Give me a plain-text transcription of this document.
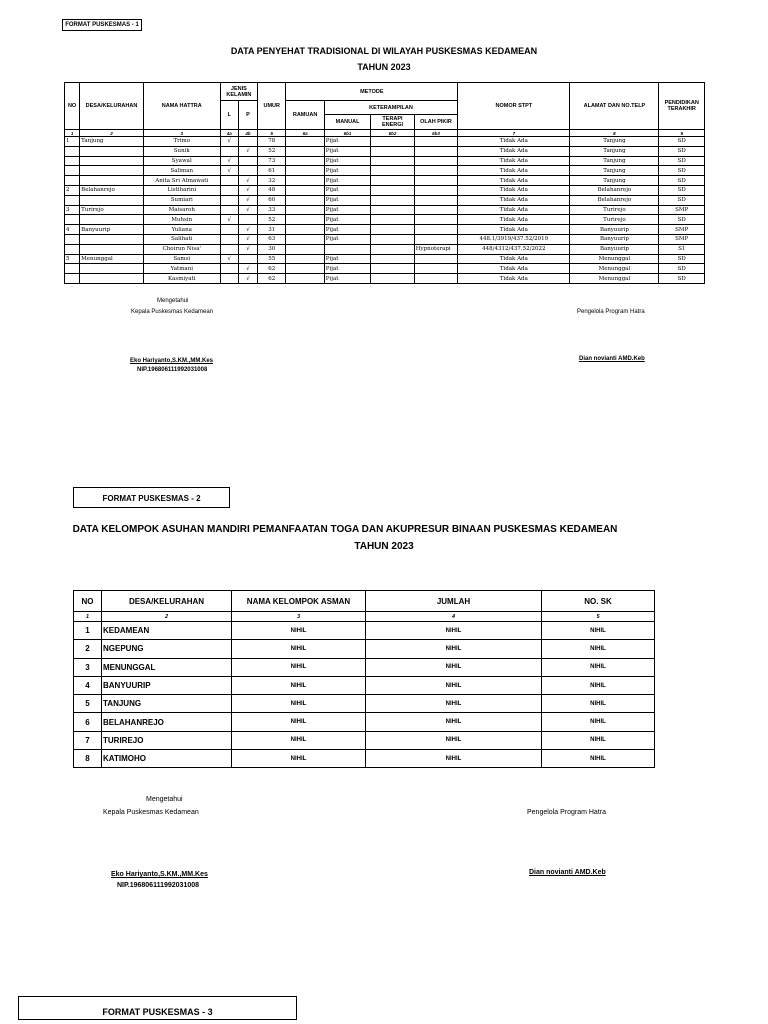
FORMAT PUSKESMAS - 1
DATA PENYEHAT TRADISIONAL DI WILAYAH PUSKESMAS KEDAMEAN
TAHUN 2023
NO	DESA/KELURAHAN	NAMA HATTRA	JENIS KELAMIN		UMUR	METODE				NOMOR STPT	ALAMAT DAN NO.TELP	PENDIDIKAN TERAKHIR
			L	P		RAMUAN	KETERAMPILAN					
							MANUAL	TERAPI ENERGI	OLAH PIKIR			
1	2	3	4a	4b	5	6a	6b1	6b2	6b3	7	8	9
1	Tanjung	Trimo	√		78		Pijat			Tidak Ada	Tanjung	SD
		Sunik		√	52		Pijat			Tidak Ada	Tanjung	SD
		Syawal	√		73		Pijat			Tidak Ada	Tanjung	SD
		Saliman	√		61		Pijat			Tidak Ada	Tanjung	SD
		Anita Sri Atmawati		√	32		Pijat			Tidak Ada	Tanjung	SD
2	Belahanrejo	Listiharini		√	48		Pijat			Tidak Ada	Belahanrejo	SD
		Sumiari		√	60		Pijat			Tidak Ada	Belahanrejo	SD
3	Turirejo	Maisaroh		√	33		Pijat			Tidak Ada	Turirejo	SMP
		Muhsin	√		52		Pijat			Tidak Ada	Turirejo	SD
4	Banyuurip	Yuliana		√	31		Pijat			Tidak Ada	Banyuurip	SMP
		Salihati		√	63		Pijat			448.1/3919/437.52/2019	Banyuurip	SMP
		Choirun Nisa'		√	30				Hypnoterapi	448/4312/437.52/2022	Banyuurip	S1
5	Menunggal	Samsi	√		55		Pijat			Tidak Ada	Menunggal	SD
		Yatmani		√	62		Pijat			Tidak Ada	Menunggal	SD
		Kasmiyati		√	62		Pijat			Tidak Ada	Menunggal	SD
Mengetahui
Kepala Puskesmas Kedamean	Pengelola Program Hatra
Eko Hariyanto,S.KM.,MM.Kes
NIP.196806111992031008
Dian novianti AMD.Keb
FORMAT PUSKESMAS - 2
DATA KELOMPOK ASUHAN MANDIRI PEMANFAATAN TOGA DAN AKUPRESUR BINAAN PUSKESMAS KEDAMEAN
TAHUN 2023
NO	DESA/KELURAHAN	NAMA KELOMPOK ASMAN	JUMLAH	NO. SK
1	2	3	4	5
1	KEDAMEAN	NIHIL	NIHIL	NIHIL
2	NGEPUNG	NIHIL	NIHIL	NIHIL
3	MENUNGGAL	NIHIL	NIHIL	NIHIL
4	BANYUURIP	NIHIL	NIHIL	NIHIL
5	TANJUNG	NIHIL	NIHIL	NIHIL
6	BELAHANREJO	NIHIL	NIHIL	NIHIL
7	TURIREJO	NIHIL	NIHIL	NIHIL
8	KATIMOHO	NIHIL	NIHIL	NIHIL
Mengetahui
Kepala Puskesmas Kedamean	Pengelola Program Hatra
Eko Hariyanto,S.KM.,MM.Kes
NIP.196806111992031008
Dian novianti AMD.Keb
FORMAT PUSKESMAS - 3
